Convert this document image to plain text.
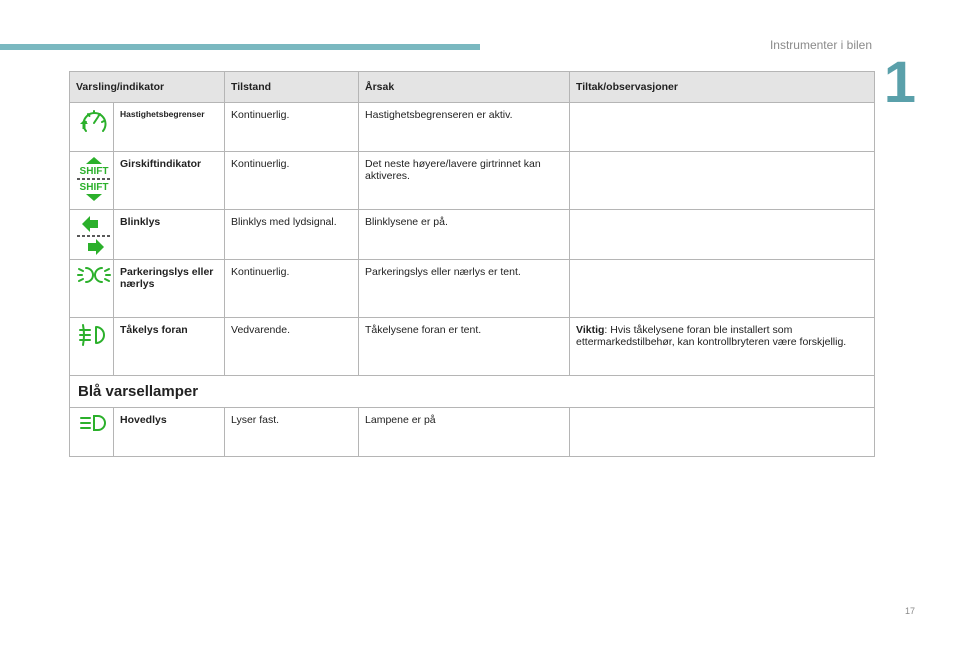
Instrumenter i bilen
1
Varsling/indikator		Tilstand	Årsak	Tiltak/observasjoner
	Hastighetsbegrenser	Kontinuerlig.	Hastighetsbegrenseren er aktiv.	

SHIFT
SHIFT	Girskiftindikator	Kontinuerlig.	Det neste høyere/lavere girtrinnet kan aktiveres.	
	Blinklys	Blinklys med lydsignal.	Blinklysene er på.	
	Parkeringslys eller nærlys	Kontinuerlig.	Parkeringslys eller nærlys er tent.	
	Tåkelys foran	Vedvarende.	Tåkelysene foran er tent.	Viktig: Hvis tåkelysene foran ble installert som ettermarkedstilbehør, kan kontrollbryteren være forskjellig.
Blå varsellamper				
	Hovedlys	Lyser fast.	Lampene er på	
17
